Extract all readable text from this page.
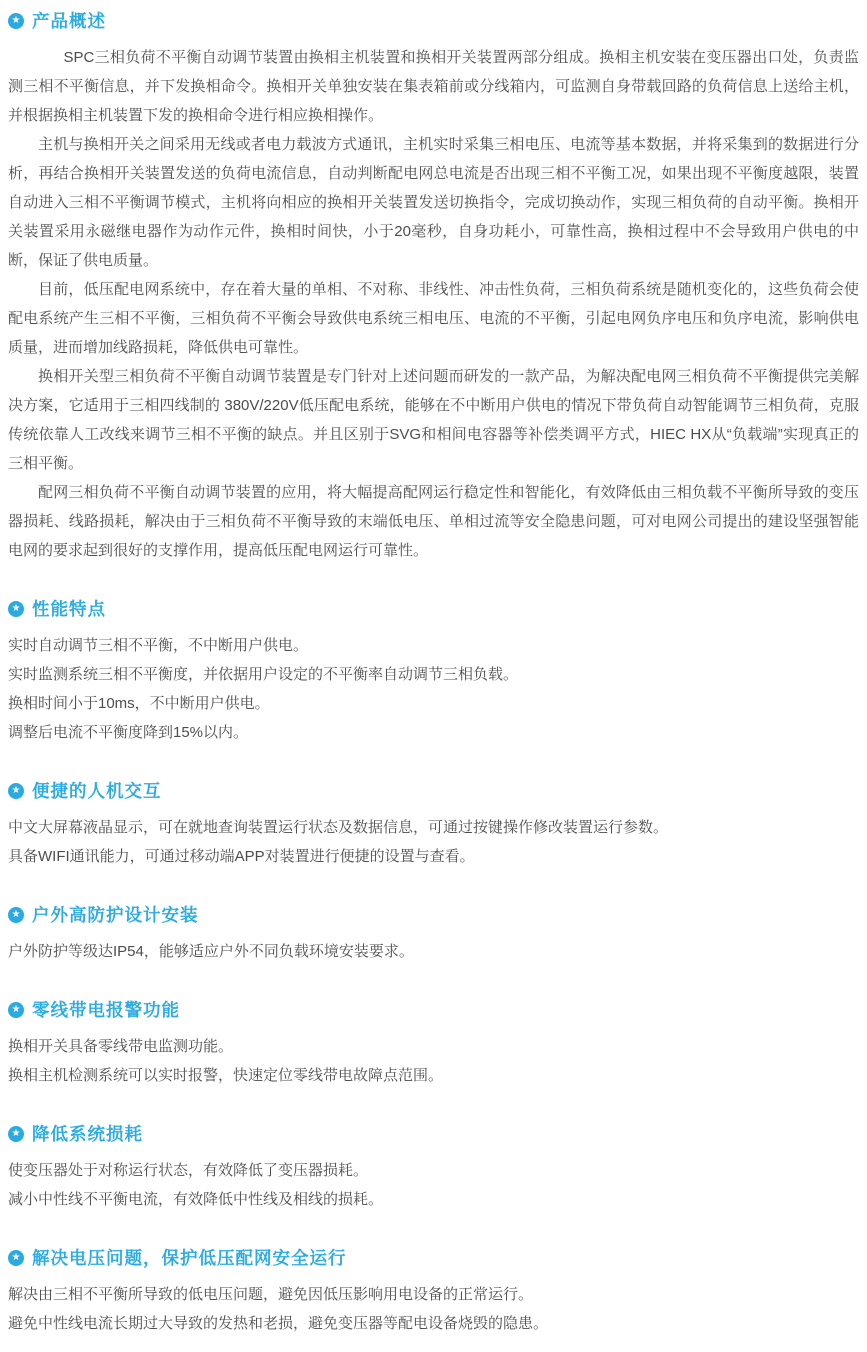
★ 产品概述

SPC三相负荷不平衡自动调节装置由换相主机装置和换相开关装置两部分组成。换相主机安装在变压器出口处，负责监测三相不平衡信息，并下发换相命令。换相开关单独安装在集表箱前或分线箱内，可监测自身带载回路的负荷信息上送给主机，并根据换相主机装置下发的换相命令进行相应换相操作。

主机与换相开关之间采用无线或者电力载波方式通讯，主机实时采集三相电压、电流等基本数据，并将采集到的数据进行分析，再结合换相开关装置发送的负荷电流信息，自动判断配电网总电流是否出现三相不平衡工况，如果出现不平衡度越限，装置自动进入三相不平衡调节模式，主机将向相应的换相开关装置发送切换指令，完成切换动作，实现三相负荷的自动平衡。换相开关装置采用永磁继电器作为动作元件，换相时间快，小于20毫秒，自身功耗小，可靠性高，换相过程中不会导致用户供电的中断，保证了供电质量。

目前，低压配电网系统中，存在着大量的单相、不对称、非线性、冲击性负荷，三相负荷系统是随机变化的，这些负荷会使配电系统产生三相不平衡，三相负荷不平衡会导致供电系统三相电压、电流的不平衡，引起电网负序电压和负序电流，影响供电质量，进而增加线路损耗，降低供电可靠性。

换相开关型三相负荷不平衡自动调节装置是专门针对上述问题而研发的一款产品，为解决配电网三相负荷不平衡提供完美解决方案，它适用于三相四线制的 380V/220V低压配电系统，能够在不中断用户供电的情况下带负荷自动智能调节三相负荷，克服传统依靠人工改线来调节三相不平衡的缺点。并且区别于SVG和相间电容器等补偿类调平方式，HIEC HX从“负载端”实现真正的三相平衡。

配网三相负荷不平衡自动调节装置的应用，将大幅提高配网运行稳定性和智能化，有效降低由三相负载不平衡所导致的变压器损耗、线路损耗，解决由于三相负荷不平衡导致的末端低电压、单相过流等安全隐患问题，可对电网公司提出的建设坚强智能电网的要求起到很好的支撑作用，提高低压配电网运行可靠性。

★ 性能特点

实时自动调节三相不平衡，不中断用户供电。

实时监测系统三相不平衡度，并依据用户设定的不平衡率自动调节三相负载。

换相时间小于10ms，不中断用户供电。

调整后电流不平衡度降到15%以内。

★ 便捷的人机交互

中文大屏幕液晶显示，可在就地查询装置运行状态及数据信息，可通过按键操作修改装置运行参数。

具备WIFI通讯能力，可通过移动端APP对装置进行便捷的设置与查看。

★ 户外高防护设计安装

户外防护等级达IP54，能够适应户外不同负载环境安装要求。

★ 零线带电报警功能

换相开关具备零线带电监测功能。

换相主机检测系统可以实时报警，快速定位零线带电故障点范围。

★ 降低系统损耗

使变压器处于对称运行状态，有效降低了变压器损耗。

减小中性线不平衡电流，有效降低中性线及相线的损耗。

★ 解决电压问题，保护低压配网安全运行

解决由三相不平衡所导致的低电压问题，避免因低压影响用电设备的正常运行。

避免中性线电流长期过大导致的发热和老损，避免变压器等配电设备烧毁的隐患。
